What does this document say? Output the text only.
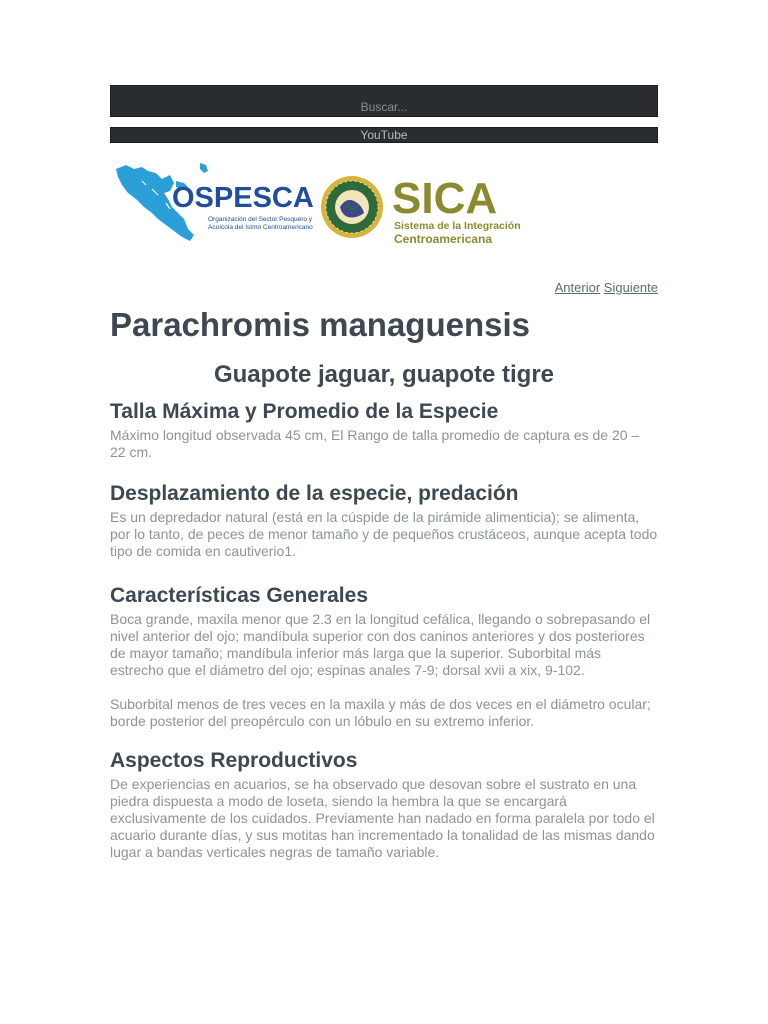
Buscar...
YouTube
OSPESCA
Organización del Sector Pesquero y
Acuícola del Istmo Centroamericano
SICA
Sistema de la Integración
Centroamericana
Anterior Siguiente
Parachromis managuensis
Guapote jaguar, guapote tigre
Talla Máxima y Promedio de la Especie

Máximo longitud observada 45 cm, El Rango de talla promedio de captura es de 20 – 22 cm.

Desplazamiento de la especie, predación

Es un depredador natural (está en la cúspide de la pirámide alimenticia); se alimenta, por lo tanto, de peces de menor tamaño y de pequeños crustáceos, aunque acepta todo tipo de comida en cautiverio1.

Características Generales

Boca grande, maxila menor que 2.3 en la longitud cefálica, llegando o sobrepasando el nivel anterior del ojo; mandíbula superior con dos caninos anteriores y dos posteriores de mayor tamaño; mandíbula inferior más larga que la superior. Suborbital más estrecho que el diámetro del ojo; espinas anales 7-9; dorsal xvii a xix, 9-102.

Suborbital menos de tres veces en la maxila y más de dos veces en el diámetro ocular; borde posterior del preopérculo con un lóbulo en su extremo inferior.

Aspectos Reproductivos

De experiencias en acuarios, se ha observado que desovan sobre el sustrato en una piedra dispuesta a modo de loseta, siendo la hembra la que se encargará exclusivamente de los cuidados. Previamente han nadado en forma paralela por todo el acuario durante días, y sus motitas han incrementado la tonalidad de las mismas dando lugar a bandas verticales negras de tamaño variable.
